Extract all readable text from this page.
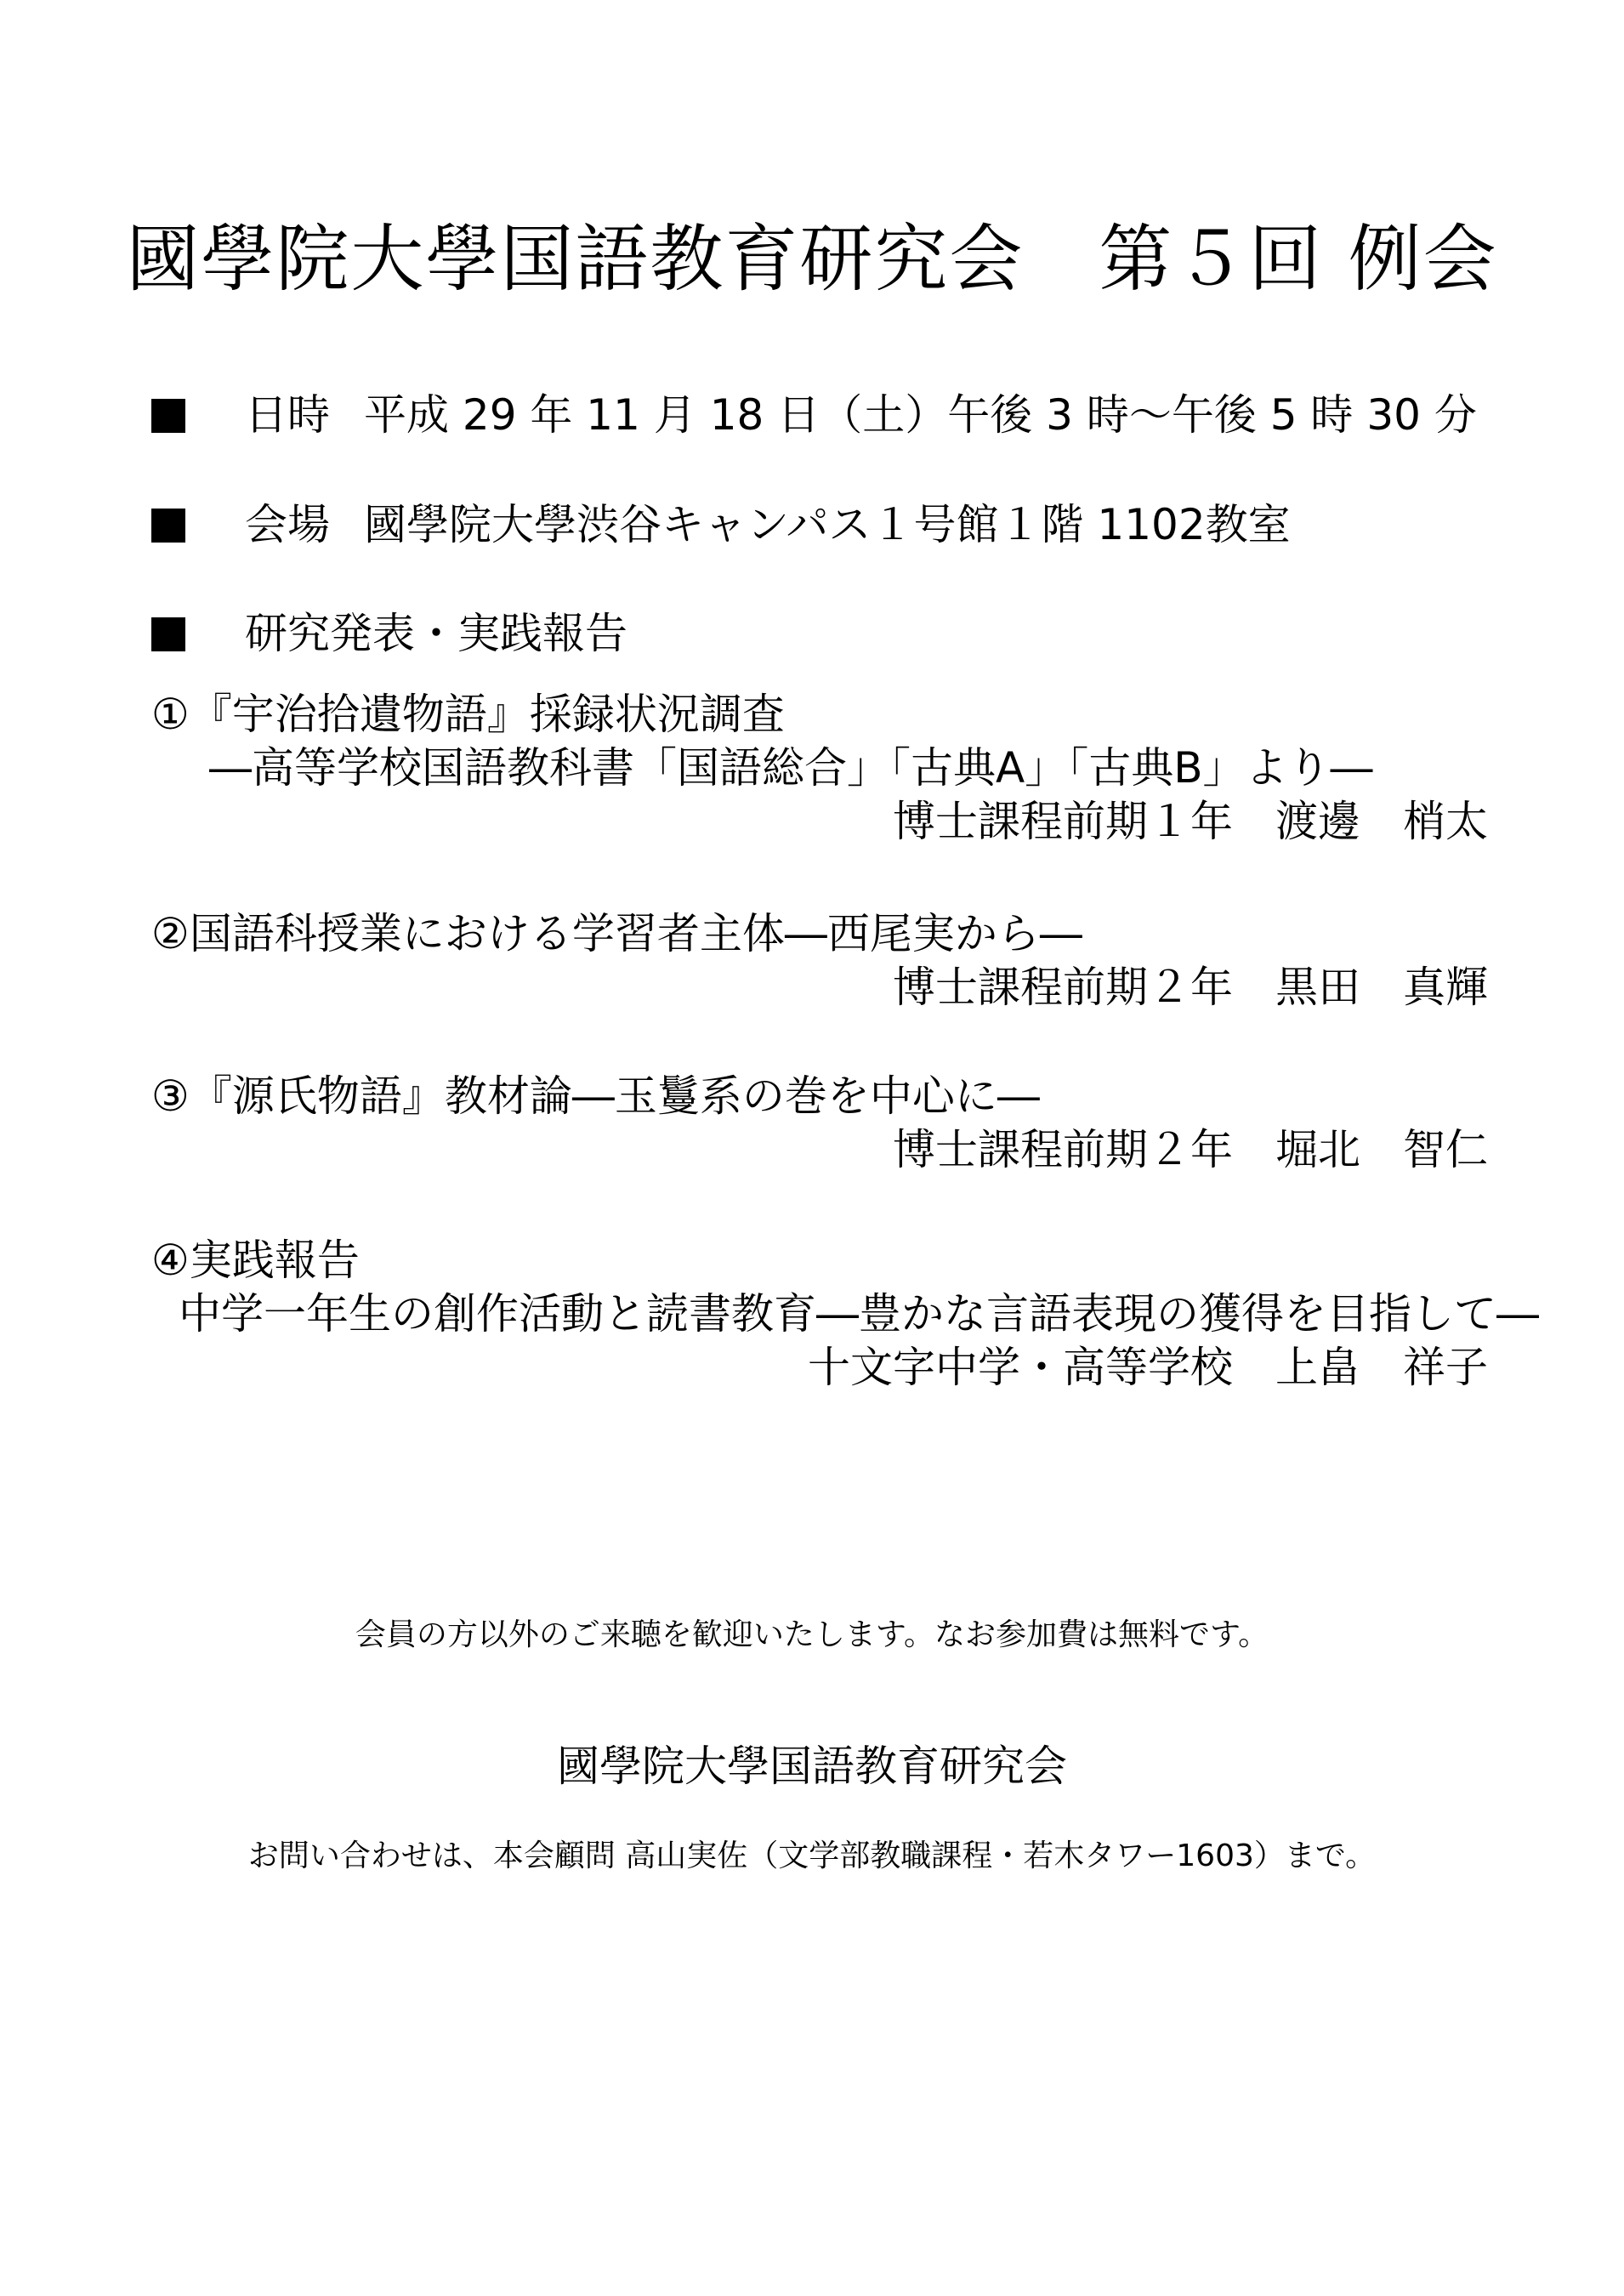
國學院大學国語教育研究会　第５回 例会
日時 平成 29 年 11 月 18 日（土）午後 3 時～午後 5 時 30 分
会場 國學院大學渋谷キャンパス１号館１階 1102教室
研究発表・実践報告
①『宇治拾遺物語』採録状況調査
―高等学校国語教科書「国語総合」「古典A」「古典B」より―
博士課程前期１年　渡邊　梢太
②国語科授業における学習者主体―西尾実から―
博士課程前期２年　黒田　真輝
③『源氏物語』教材論―玉鬘系の巻を中心に―
博士課程前期２年　堀北　智仁
④実践報告
中学一年生の創作活動と読書教育―豊かな言語表現の獲得を目指して―
十文字中学・高等学校　上畠　祥子
会員の方以外のご来聴を歓迎いたします。なお参加費は無料です。
國學院大學国語教育研究会
お問い合わせは、本会顧問 高山実佐（文学部教職課程・若木タワー1603）まで。
